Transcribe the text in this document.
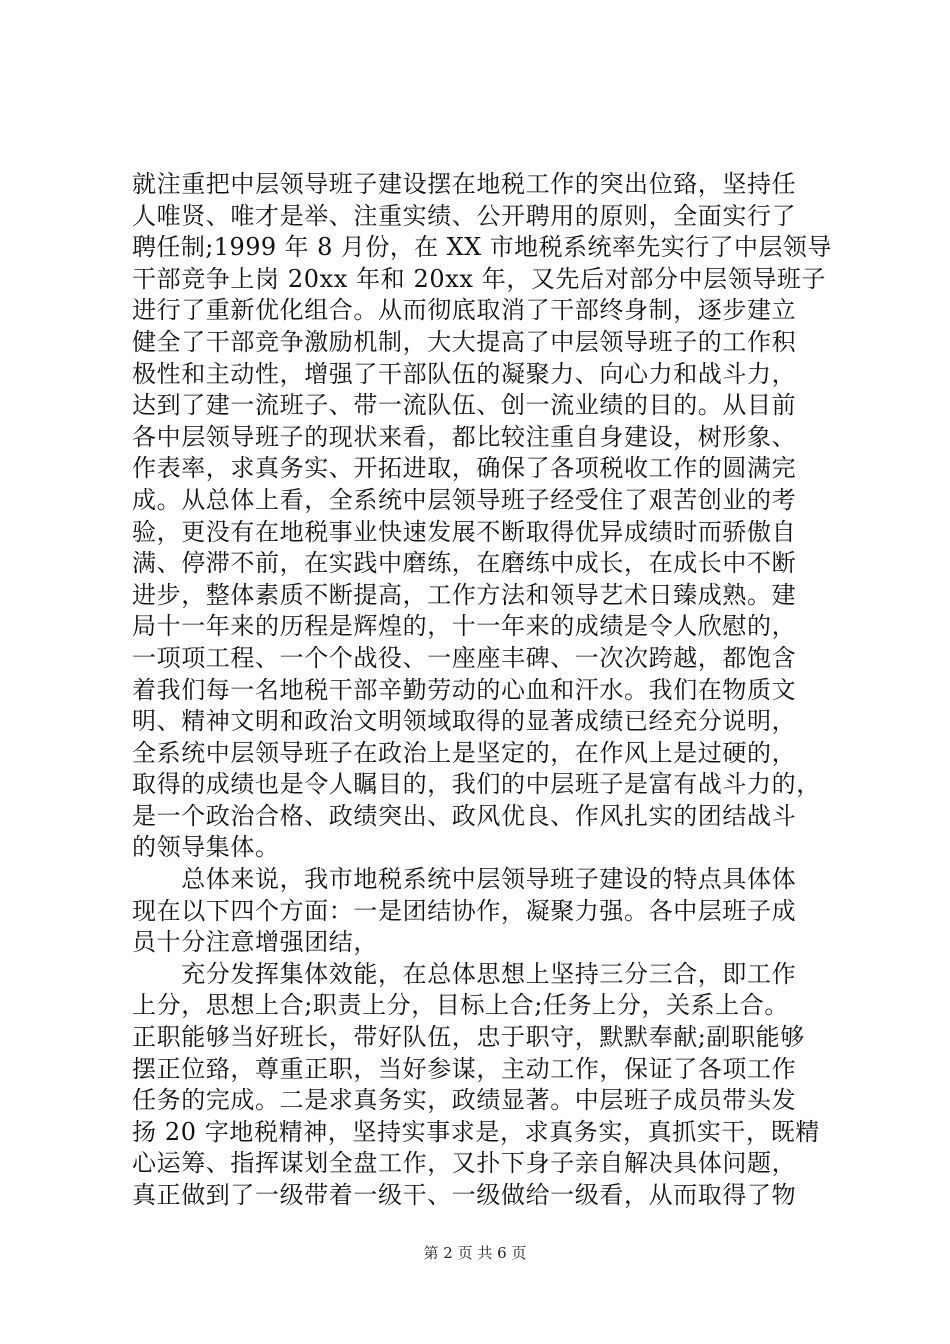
就注重把中层领导班子建设摆在地税工作的突出位臵，坚持任
人唯贤、唯才是举、注重实绩、公开聘用的原则，全面实行了
聘任制;1999 年 8 月份，在 XX 市地税系统率先实行了中层领导
干部竞争上岗 20xx 年和 20xx 年，又先后对部分中层领导班子
进行了重新优化组合。从而彻底取消了干部终身制，逐步建立
健全了干部竞争激励机制，大大提高了中层领导班子的工作积
极性和主动性，增强了干部队伍的凝聚力、向心力和战斗力，
达到了建一流班子、带一流队伍、创一流业绩的目的。从目前
各中层领导班子的现状来看，都比较注重自身建设，树形象、
作表率，求真务实、开拓进取，确保了各项税收工作的圆满完
成。从总体上看，全系统中层领导班子经受住了艰苦创业的考
验，更没有在地税事业快速发展不断取得优异成绩时而骄傲自
满、停滞不前，在实践中磨练，在磨练中成长，在成长中不断
进步，整体素质不断提高，工作方法和领导艺术日臻成熟。建
局十一年来的历程是辉煌的，十一年来的成绩是令人欣慰的，
一项项工程、一个个战役、一座座丰碑、一次次跨越，都饱含
着我们每一名地税干部辛勤劳动的心血和汗水。我们在物质文
明、精神文明和政治文明领域取得的显著成绩已经充分说明，
全系统中层领导班子在政治上是坚定的，在作风上是过硬的，
取得的成绩也是令人瞩目的，我们的中层班子是富有战斗力的，
是一个政治合格、政绩突出、政风优良、作风扎实的团结战斗
的领导集体。
　　总体来说，我市地税系统中层领导班子建设的特点具体体
现在以下四个方面：一是团结协作，凝聚力强。各中层班子成
员十分注意增强团结，
　　充分发挥集体效能，在总体思想上坚持三分三合，即工作
上分，思想上合;职责上分，目标上合;任务上分，关系上合。
正职能够当好班长，带好队伍，忠于职守，默默奉献;副职能够
摆正位臵，尊重正职，当好参谋，主动工作，保证了各项工作
任务的完成。二是求真务实，政绩显著。中层班子成员带头发
扬 20 字地税精神，坚持实事求是，求真务实，真抓实干，既精
心运筹、指挥谋划全盘工作，又扑下身子亲自解决具体问题，
真正做到了一级带着一级干、一级做给一级看，从而取得了物
第 2 页 共 6 页
